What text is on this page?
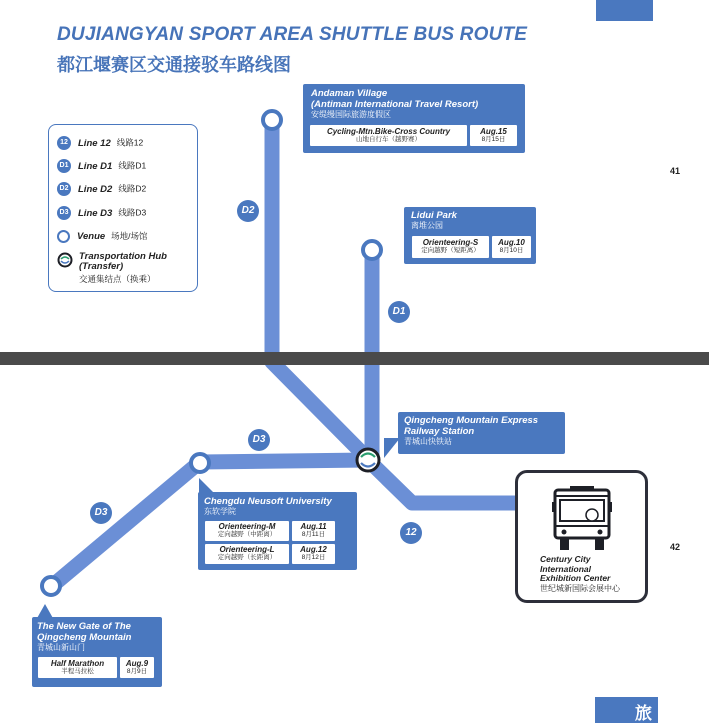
DUJIANGYAN SPORT AREA SHUTTLE BUS ROUTE
都江堰赛区交通接驳车路线图
41
42
旅
12 Line 12 线路12
D1 Line D1 线路D1
D2 Line D2 线路D2
D3 Line D3 线路D3
Venue 场地/场馆
Transportation Hub (Transfer)
交通集结点（换乘）
D2
D1
D3
D3
12
Andaman Village
(Antiman International Travel Resort)
安缇缦国际旅游度假区
Cycling-Mtn.Bike-Cross Country
山地自行车（越野赛）
Aug.15
8月15日
Lidui Park
离堆公园
Orienteering-S
定向越野（短距离）
Aug.10
8月10日
Qingcheng Mountain Express
Railway Station
青城山快铁站
Chengdu Neusoft University
东软学院
Orienteering-M
定向越野（中距离）
Aug.11
8月11日
Orienteering-L
定向越野（长距离）
Aug.12
8月12日
The New Gate of The
Qingcheng Mountain
青城山新山门
Half Marathon
半程马拉松
Aug.9
8月9日
Century City
International
Exhibition Center
世纪城新国际会展中心
